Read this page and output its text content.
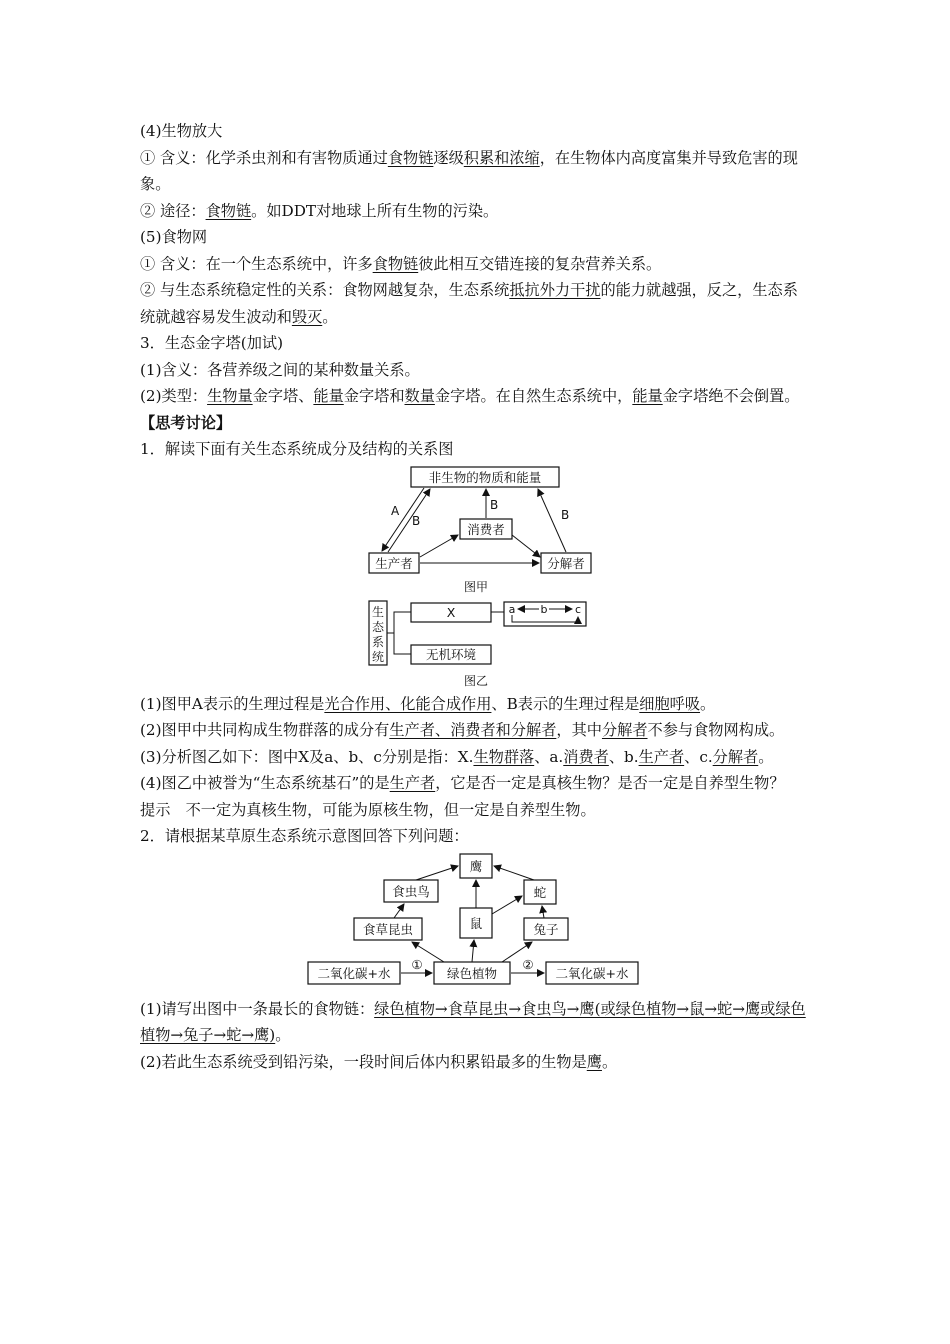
(4)生物放大

① 含义：化学杀虫剂和有害物质通过食物链逐级积累和浓缩，在生物体内高度富集并导致危害的现象。

② 途径：食物链。如DDT对地球上所有生物的污染。

(5)食物网

① 含义：在一个生态系统中，许多食物链彼此相互交错连接的复杂营养关系。

② 与生态系统稳定性的关系：食物网越复杂，生态系统抵抗外力干扰的能力就越强，反之，生态系统就越容易发生波动和毁灭。

3．生态金字塔(加试)

(1)含义：各营养级之间的某种数量关系。

(2)类型：生物量金字塔、能量金字塔和数量金字塔。在自然生态系统中，能量金字塔绝不会倒置。

【思考讨论】

1．解读下面有关生态系统成分及结构的关系图

非生物的物质和能量
消费者
生产者	分解者
A
B
B
B
图甲
生
态
系
统
X	a b c
无机环境
图乙

(1)图甲A表示的生理过程是光合作用、化能合成作用、B表示的生理过程是细胞呼吸。

(2)图甲中共同构成生物群落的成分有生产者、消费者和分解者，其中分解者不参与食物网构成。

(3)分析图乙如下：图中X及a、b、c分别是指：X.生物群落、a.消费者、b.生产者、c.分解者。

(4)图乙中被誉为“生态系统基石”的是生产者，它是否一定是真核生物？是否一定是自养型生物？

提示　不一定为真核生物，可能为原核生物，但一定是自养型生物。

2．请根据某草原生态系统示意图回答下列问题：

鹰
食虫鸟	蛇
鼠
食草昆虫	兔子
二氧化碳+水	绿色植物	二氧化碳+水
①	②

(1)请写出图中一条最长的食物链：绿色植物→食草昆虫→食虫鸟→鹰(或绿色植物→鼠→蛇→鹰或绿色植物→兔子→蛇→鹰)。

(2)若此生态系统受到铅污染，一段时间后体内积累铅最多的生物是鹰。
